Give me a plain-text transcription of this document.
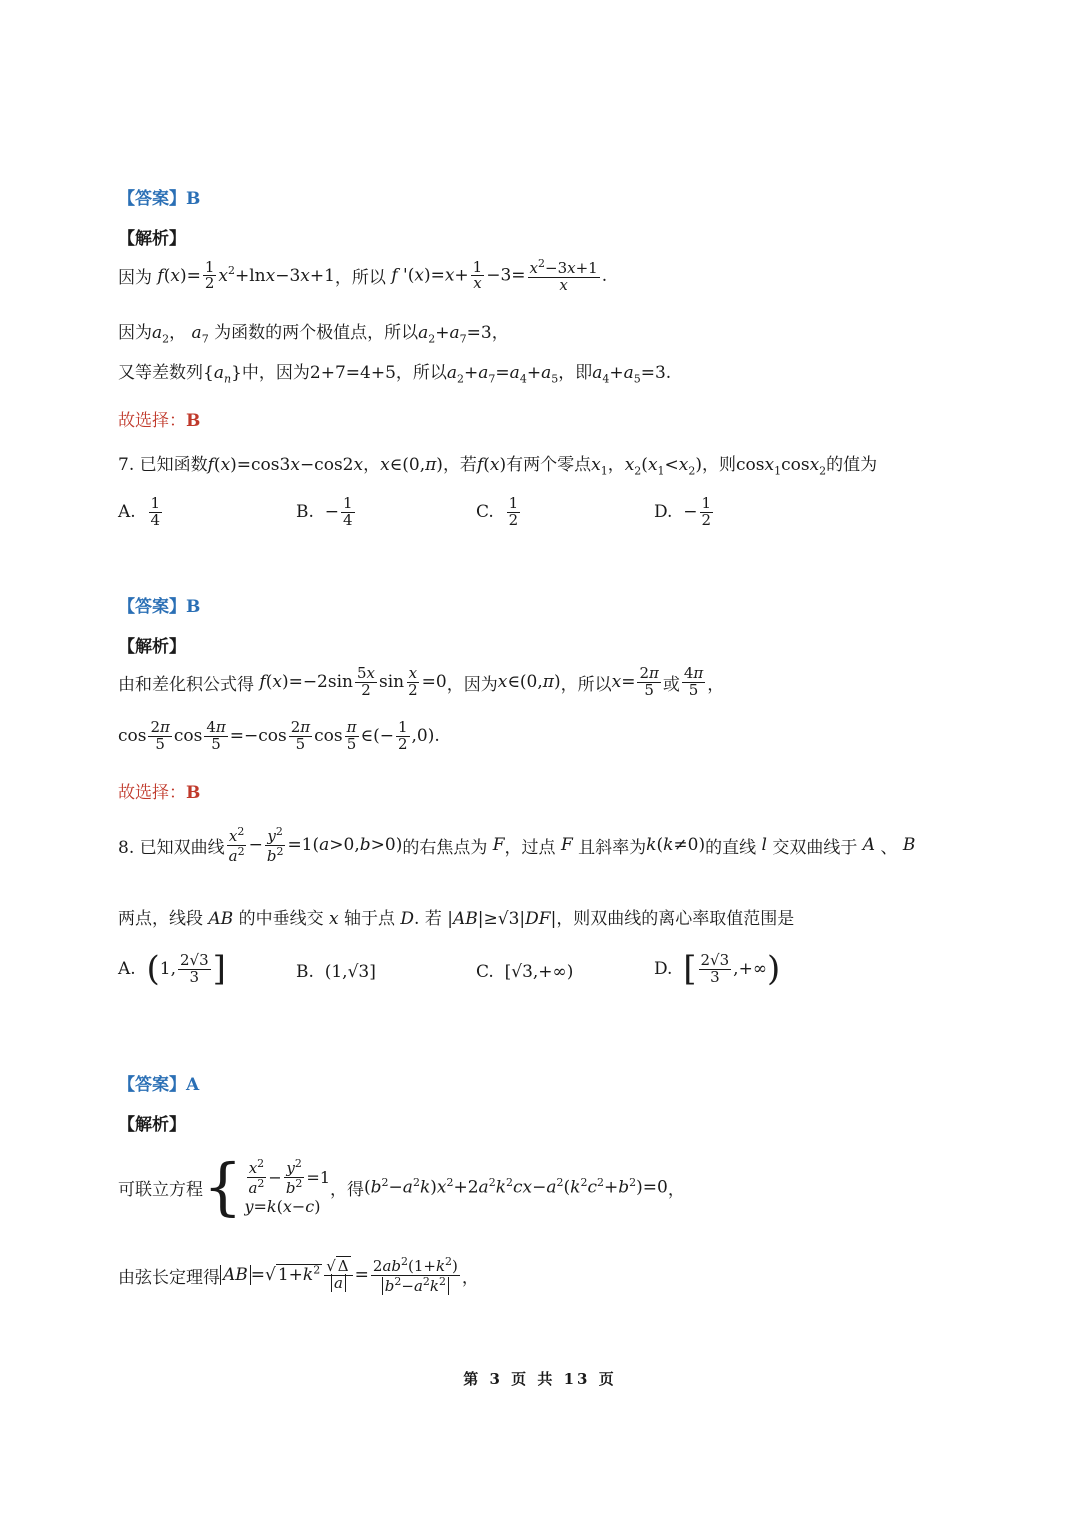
【答案】B
【解析】
因为 $f(x)= \frac{1}{2} x^2+\ln x-3x+1$ ，所以 f '$(x)=x+ \frac{1}{x} -3= \frac{x^2-3x+1}{x}$ .
因为$a_2$， $a_7$ 为函数的两个极值点，所以$a_2+a_7=3$，
又等差数列$\{a_n\}$中，因为2+7=4+5，所以$a_2+a_7=a_4+a_5$，即$a_4+a_5=3$.
故选择：B
7. 已知函数f(x)=cos3x−cos2x，x∈(0,π)，若f(x)有两个零点$x_1$，$x_2(x_1<x_2)$，则cosx$_1$cosx$_2$的值为
A.
$\frac{1}{4}$	B. − $\frac{1}{4}$	C.
$\frac{1}{2}$	D. − $\frac{1}{2}$
【答案】B
【解析】
由和差化积公式得 $f(x)=-2\sin \frac{5x}{2}$ $\sin \frac{x}{2} =0$ ，因为 x∈(0,π) ，所以 $x= \frac{2\pi}{5}$ 或 $\frac{4\pi}{5}$ ，
$\cos \frac{2\pi}{5}$ $\cos \frac{4\pi}{5} =-\cos \frac{2\pi}{5}$ $\cos \frac{\pi}{5}$ ∈(− $\frac{1}{2} ,0$).
故选择：B
8. 已知双曲线 $\frac{x^2}{a^2} - \frac{y^2}{b^2} =1(a>0,b>0)$ 的右焦点为
F ，过点
F
且斜率为 k ( k ≠0) 的直线
l
交双曲线于
A
、
B
两点，线段 AB 的中垂线交 x 轴于点 D. 若 |AB|≥√3|DF|，则双曲线的离心率取值范围是
A.
( 1, $\frac{2√3}{3}$ ]	B. (1,√3]	C. [√3,+∞)	D.
[ $\frac{2√3}{3}$ ,+∞ )
【答案】A
【解析】
可联立方程 { $\frac{x^2}{a^2} - \frac{y^2}{b^2} =1$
y=k(x−c)
，得 $(b^2-a^2k)x^2+2a^2k^2cx-a^2(k^2c^2+b^2)=0$ ，
由弦长定理得 AB =√ $1+k^2 \frac{√ \Delta}{a} = \frac{2ab^2(1+k^2)}{b^2-a^2k^2}$ ，
第 3 页 共 13 页
